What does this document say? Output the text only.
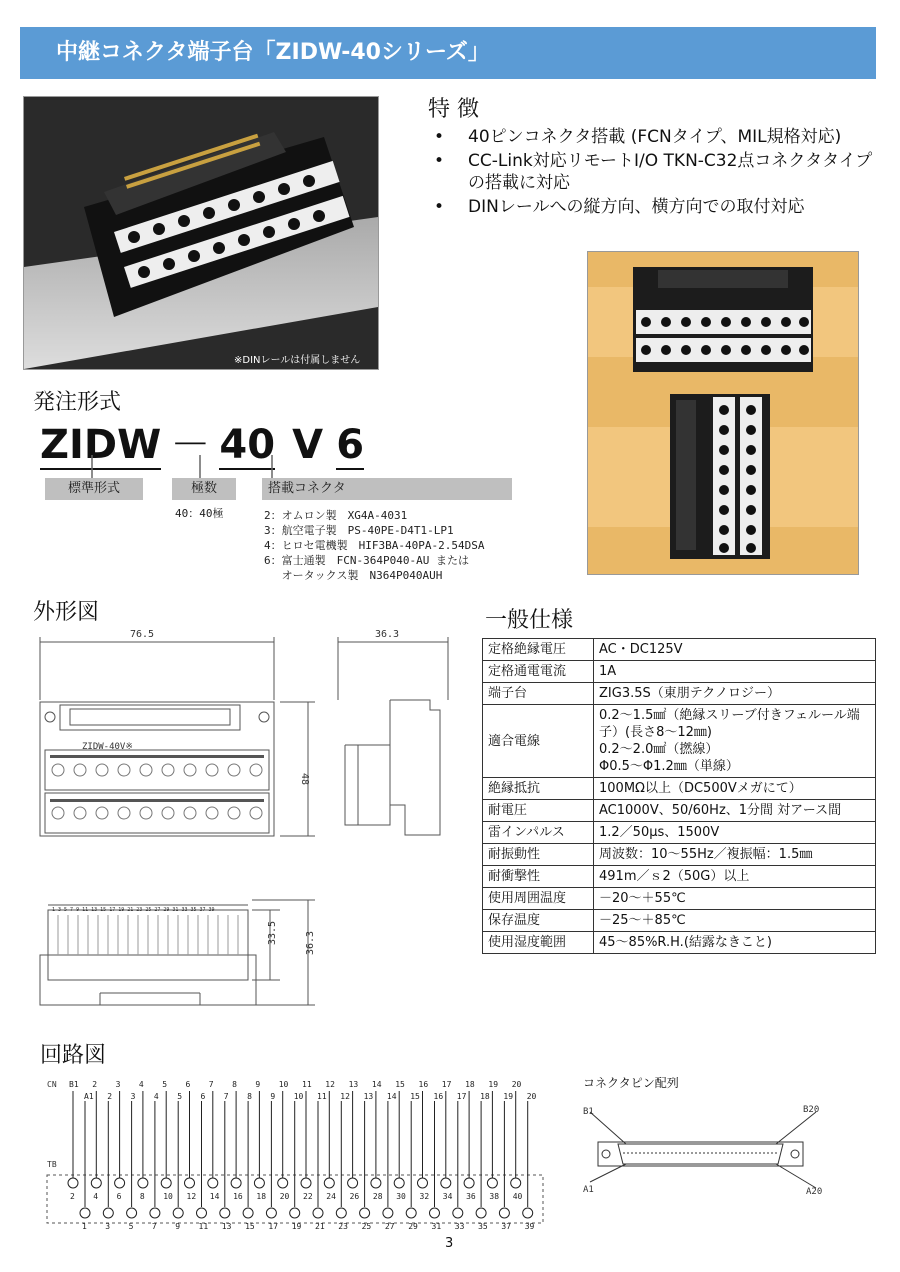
中継コネクタ端子台「ZIDW-40シリーズ」
※DINレールは付属しません
特 徴
• 40ピンコネクタ搭載 (FCNタイプ、MIL規格対応)
• CC-Link対応リモートI/O TKN-C32点コネクタタイプの搭載に対応
• DINレールへの縦方向、横方向での取付対応
発注形式
ZIDW － 40 V 6
標準形式	極数	搭載コネクタ
40：40極	2：オムロン製　XG4A-4031
3：航空電子製　PS-40PE-D4T1-LP1
4：ヒロセ電機製　HIF3BA-40PA-2.54DSA
6：富士通製　FCN-364P040-AU または
　 オータックス製　N364P040AUH
外形図
76.5	36.3
48
ZIDW-40V※
1 3 5 7 9 11 13 15 17 19 21 23 25 27 29 31 33 35 37 39
33.5	36.3
一般仕様
定格絶縁電圧	AC・DC125V

定格通電電流	1A

端子台	ZIG3.5S（東朋テクノロジー）

適合電線	0.2～1.5㎟（絶縁スリーブ付きフェルール端子）(長さ8～12㎜)
0.2～2.0㎟（撚線）
Φ0.5～Φ1.2㎜（単線）

絶縁抵抗	100MΩ以上（DC500Vメガにて）

耐電圧	AC1000V、50/60Hz、1分間 対アース間

雷インパルス	1.2／50μs、1500V

耐振動性	周波数：10～55Hz／複振幅：1.5㎜

耐衝撃性	491m／ｓ2（50G）以上

使用周囲温度	－20～＋55℃

保存温度	－25～＋85℃

使用湿度範囲	45～85%R.H.(結露なきこと)
回路図
CN
TB
B1
A1
2
1
2
2
4
3
3
3
6
5
4
4
8
7
5
5
10
9
6
6
12
11
7
7
14
13
8
8
16
15
9
9
18
17
10
10
20
19
11
11
22
21
12
12
24
23
13
13
26
25
14
14
28
27
15
15
30
29
16
16
32
31
17
17
34
33
18
18
36
35
19
19
38
37
20
20
40
39
コネクタピン配列
B1	B20
A1	A20
3
